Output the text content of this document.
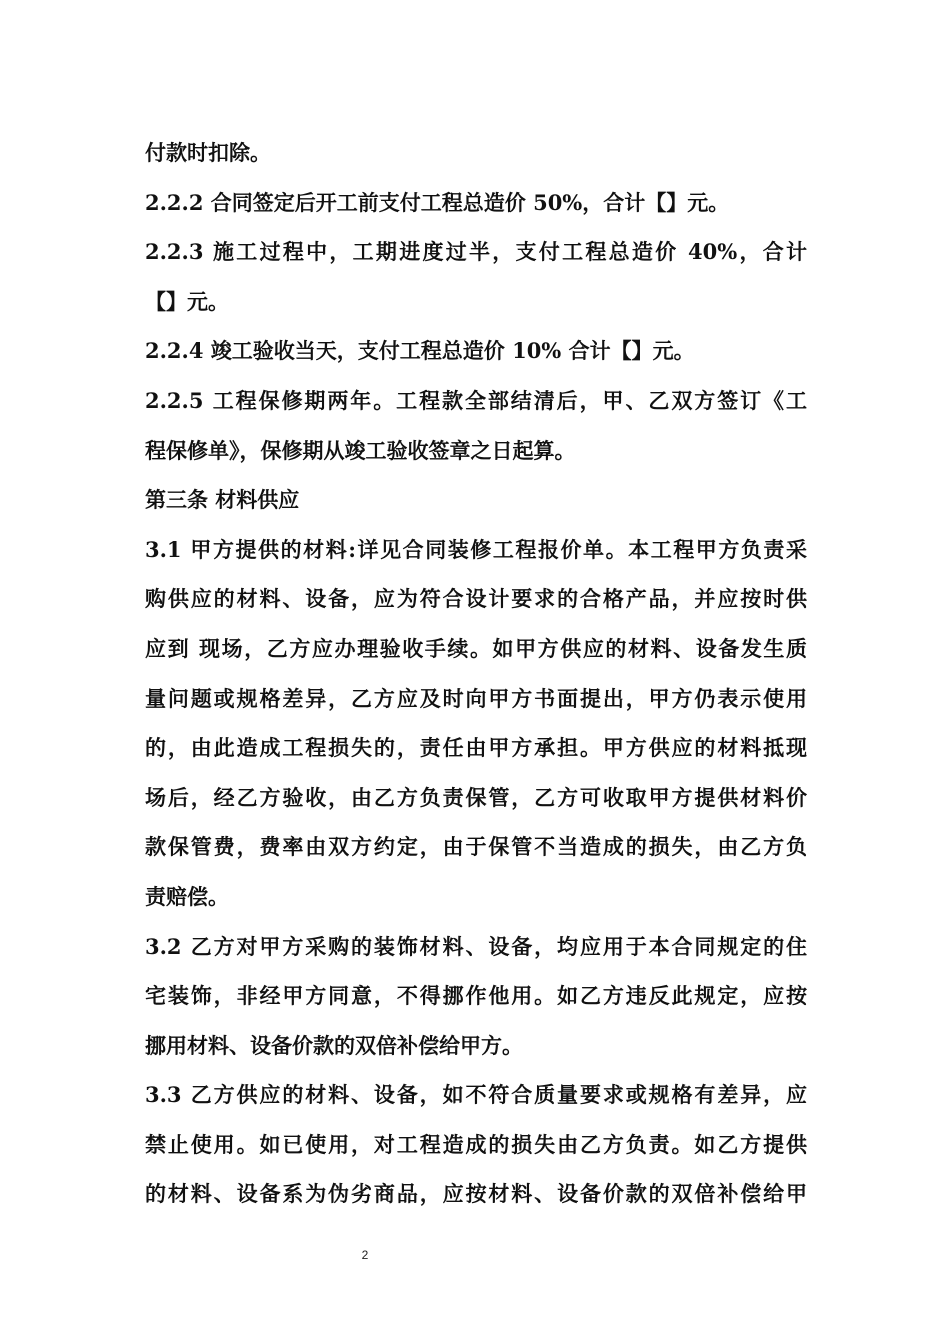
付款时扣除。
2.2.2 合同签定后开工前支付工程总造价 50%，合计【】元。
2.2.3 施工过程中，工期进度过半，支付工程总造价 40%，合计
【】元。
2.2.4 竣工验收当天，支付工程总造价 10% 合计【】元。
2.2.5 工程保修期两年。工程款全部结清后，甲、乙双方签订《工
程保修单》，保修期从竣工验收签章之日起算。
第三条 材料供应
3.1 甲方提供的材料:详见合同装修工程报价单。本工程甲方负责采
购供应的材料、设备，应为符合设计要求的合格产品，并应按时供
应到 现场，乙方应办理验收手续。如甲方供应的材料、设备发生质
量问题或规格差异，乙方应及时向甲方书面提出，甲方仍表示使用
的，由此造成工程损失的，责任由甲方承担。甲方供应的材料抵现
场后，经乙方验收，由乙方负责保管，乙方可收取甲方提供材料价
款保管费，费率由双方约定，由于保管不当造成的损失，由乙方负
责赔偿。
3.2 乙方对甲方采购的装饰材料、设备，均应用于本合同规定的住
宅装饰，非经甲方同意，不得挪作他用。如乙方违反此规定，应按
挪用材料、设备价款的双倍补偿给甲方。
3.3 乙方供应的材料、设备，如不符合质量要求或规格有差异，应
禁止使用。如已使用，对工程造成的损失由乙方负责。如乙方提供
的材料、设备系为伪劣商品，应按材料、设备价款的双倍补偿给甲
2
